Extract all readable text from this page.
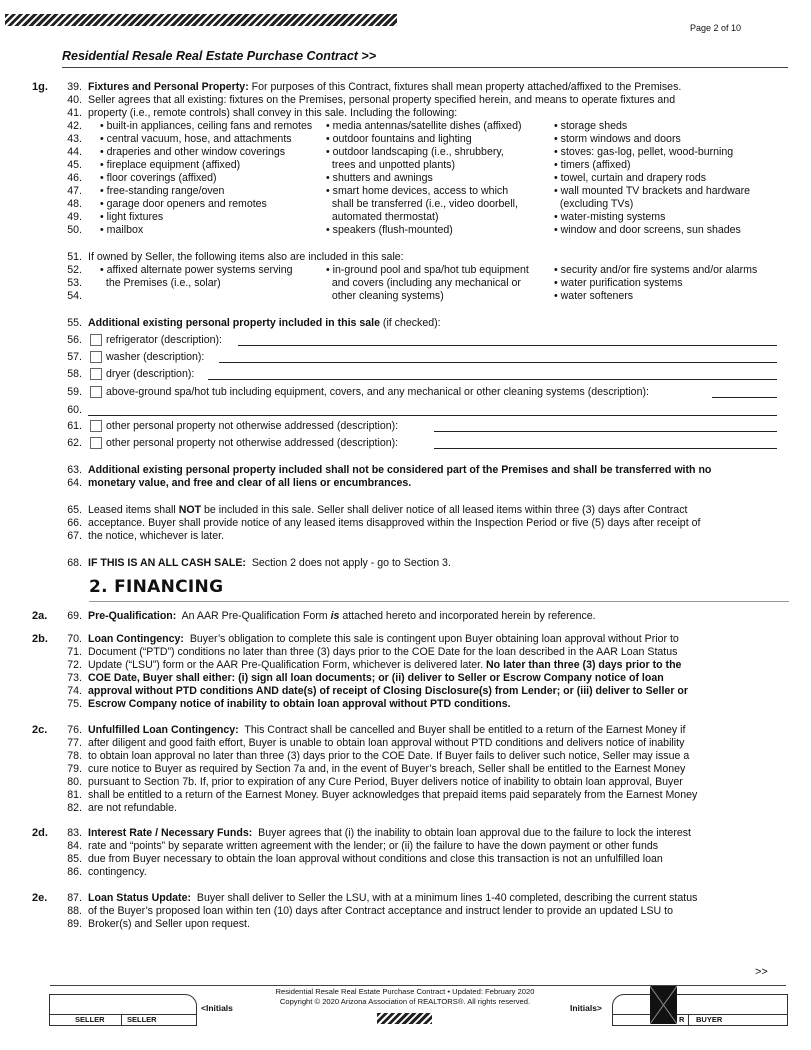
Page 2 of 10
Residential Resale Real Estate Purchase Contract >>
1g.	39. Fixtures and Personal Property: For purposes of this Contract, fixtures shall mean property attached/affixed to the Premises.
40. Seller agrees that all existing: fixtures on the Premises, personal property specified herein, and means to operate fixtures and
41. property (i.e., remote controls) shall convey in this sale. Including the following:
42. • built-in appliances, ceiling fans and remotes • media antennas/satellite dishes (affixed)	• storage sheds
43. • central vacuum, hose, and attachments	• outdoor fountains and lighting	• storm windows and doors
44. • draperies and other window coverings	• outdoor landscaping (i.e., shrubbery,	• stoves: gas-log, pellet, wood-burning
45. • fireplace equipment (affixed)	trees and unpotted plants)	• timers (affixed)
46. • floor coverings (affixed)	• shutters and awnings	• towel, curtain and drapery rods
47. • free-standing range/oven	• smart home devices, access to which	• wall mounted TV brackets and hardware
48. • garage door openers and remotes	shall be transferred (i.e., video doorbell,	(excluding TVs)
49. • light fixtures	automated thermostat)	• water-misting systems
50. • mailbox	• speakers (flush-mounted)	• window and door screens, sun shades
51. If owned by Seller, the following items also are included in this sale:
52. • affixed alternate power systems serving	• in-ground pool and spa/hot tub equipment • security and/or fire systems and/or alarms
53. the Premises (i.e., solar)	and covers (including any mechanical or	• water purification systems
54.	other cleaning systems)	• water softeners
55. Additional existing personal property included in this sale (if checked):
56. refrigerator (description):
57. washer (description):
58. dryer (description):
59. above-ground spa/hot tub including equipment, covers, and any mechanical or other cleaning systems (description):
60.
61. other personal property not otherwise addressed (description):
62. other personal property not otherwise addressed (description):
63. Additional existing personal property included shall not be considered part of the Premises and shall be transferred with no
64. monetary value, and free and clear of all liens or encumbrances.
65. Leased items shall NOT be included in this sale. Seller shall deliver notice of all leased items within three (3) days after Contract
66. acceptance. Buyer shall provide notice of any leased items disapproved within the Inspection Period or five (5) days after receipt of
67. the notice, whichever is later.
68. IF THIS IS AN ALL CASH SALE:  Section 2 does not apply - go to Section 3.
2. FINANCING
2a.	69. Pre-Qualification:  An AAR Pre-Qualification Form is attached hereto and incorporated herein by reference.
2b.	70. Loan Contingency:  Buyer’s obligation to complete this sale is contingent upon Buyer obtaining loan approval without Prior to
71. Document (“PTD”) conditions no later than three (3) days prior to the COE Date for the loan described in the AAR Loan Status
72. Update (“LSU”) form or the AAR Pre-Qualification Form, whichever is delivered later. No later than three (3) days prior to the
73. COE Date, Buyer shall either: (i) sign all loan documents; or (ii) deliver to Seller or Escrow Company notice of loan
74. approval without PTD conditions AND date(s) of receipt of Closing Disclosure(s) from Lender; or (iii) deliver to Seller or
75. Escrow Company notice of inability to obtain loan approval without PTD conditions.
2c.	76. Unfulfilled Loan Contingency:  This Contract shall be cancelled and Buyer shall be entitled to a return of the Earnest Money if
77. after diligent and good faith effort, Buyer is unable to obtain loan approval without PTD conditions and delivers notice of inability
78. to obtain loan approval no later than three (3) days prior to the COE Date. If Buyer fails to deliver such notice, Seller may issue a
79. cure notice to Buyer as required by Section 7a and, in the event of Buyer’s breach, Seller shall be entitled to the Earnest Money
80. pursuant to Section 7b. If, prior to expiration of any Cure Period, Buyer delivers notice of inability to obtain loan approval, Buyer
81. shall be entitled to a return of the Earnest Money. Buyer acknowledges that prepaid items paid separately from the Earnest Money
82. are not refundable.
2d.	83. Interest Rate / Necessary Funds:  Buyer agrees that (i) the inability to obtain loan approval due to the failure to lock the interest
84. rate and “points” by separate written agreement with the lender; or (ii) the failure to have the down payment or other funds
85. due from Buyer necessary to obtain the loan approval without conditions and close this transaction is not an unfulfilled loan
86. contingency.
2e.	87. Loan Status Update:  Buyer shall deliver to Seller the LSU, with at a minimum lines 1-40 completed, describing the current status
88. of the Buyer’s proposed loan within ten (10) days after Contract acceptance and instruct lender to provide an updated LSU to
89. Broker(s) and Seller upon request.
>>
Residential Resale Real Estate Purchase Contract • Updated: February 2020
Copyright © 2020 Arizona Association of REALTORS®. All rights reserved.
SELLER	SELLER
<Initials	Initials>
R BUYER
